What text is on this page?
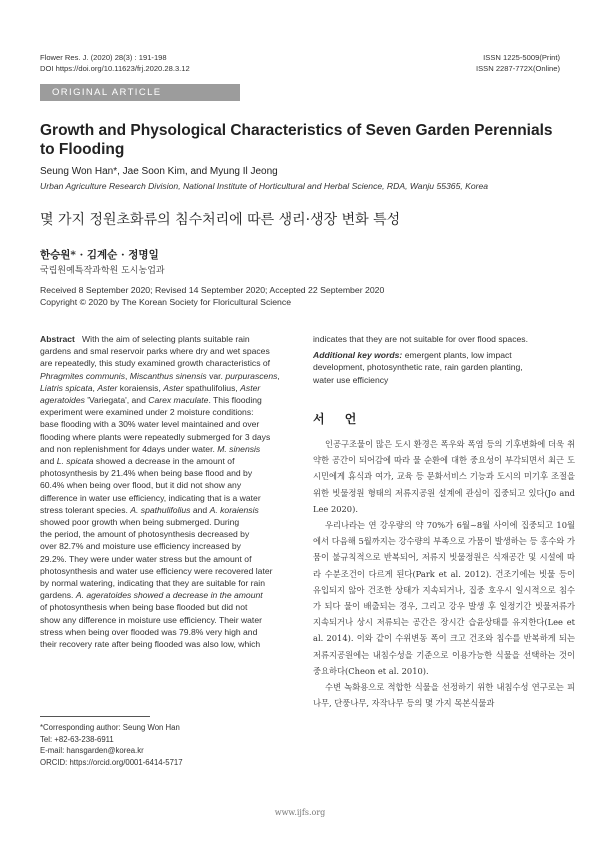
Flower Res. J. (2020) 28(3) : 191-198
DOI https://doi.org/10.11623/frj.2020.28.3.12
ISSN 1225-5009(Print)
ISSN 2287-772X(Online)
ORIGINAL ARTICLE
Growth and Physological Characteristics of Seven Garden Perennials
to Flooding
Seung Won Han*, Jae Soon Kim, and Myung Il Jeong
Urban Agriculture Research Division, National Institute of Horticultural and Herbal Science, RDA, Wanju 55365, Korea
몇 가지 정원초화류의 침수처리에 따른 생리·생장 변화 특성
한승원* · 김계순 · 정명일
국립원예특작과학원 도시농업과
Received 8 September 2020; Revised 14 September 2020; Accepted 22 September 2020
Copyright © 2020 by The Korean Society for Floricultural Science

Abstract With the aim of selecting plants suitable rain

gardens and smal reservoir parks where dry and wet spaces

are repeatedly, this study examined growth characteristics of

Phragmites communis, Miscanthus sinensis var. purpurascens,

Liatris spicata, Aster koraiensis, Aster spathulifolius, Aster

ageratoides 'Variegata', and Carex maculate. This flooding

experiment were examined under 2 moisture conditions:

base flooding with a 30% water level maintained and over

flooding where plants were repeatedly submerged for 3 days

and non replenishment for 4days under water. M. sinensis

and L. spicata showed a decrease in the amount of

photosynthesis by 21.4% when being base flood and by

60.4% when being over flood, but it did not show any

difference in water use efficiency, indicating that is a water

stress tolerant species. A. spathulifolius and A. koraiensis

showed poor growth when being submerged. During

the period, the amount of photosynthesis decreased by

over 82.7% and moisture use efficiency increased by

29.2%. They were under water stress but the amount of

photosynthesis and water use efficiency were recovered later

by normal watering, indicating that they are suitable for rain

gardens. A. ageratoides showed a decrease in the amount

of photosynthesis when being base flooded but did not

show any difference in moisture use efficiency. Their water

stress when being over flooded was 79.8% very high and

their recovery rate after being flooded was also low, which

indicates that they are not suitable for over flood spaces.

Additional key words: emergent plants, low impact

development, photosynthetic rate, rain garden planting,

water use efficiency

서 언

인공구조물이 많은 도시 환경은 폭우와 폭염 등의 기후변화에 더욱 취약한 공간이 되어감에 따라 물 순환에 대한 중요성이 부각되면서 최근 도시민에게 휴식과 여가, 교육 등 문화서비스 기능과 도시의 미기후 조절을 위한 빗물정원 형태의 저류지공원 설계에 관심이 집중되고 있다(Jo and Lee 2020).

우리나라는 연 강우량의 약 70%가 6월~8월 사이에 집중되고 10월에서 다음해 5월까지는 강수량의 부족으로 가뭄이 발생하는 등 홍수와 가뭄이 불규칙적으로 반복되어, 저류지 빗물정원은 식재공간 및 시설에 따라 수분조건이 다르게 된다(Park et al. 2012). 건조기에는 빗물 등이 유입되지 않아 건조한 상태가 지속되거나, 집중 호우시 일시적으로 침수가 되다 물이 배출되는 경우, 그리고 강우 발생 후 일정기간 빗물저류가 지속되거나 상시 저류되는 공간은 장시간 습윤상태를 유지한다(Lee et al. 2014). 이와 같이 수위변동 폭이 크고 건조와 침수를 반복하게 되는 저류지공원에는 내침수성을 기준으로 이용가능한 식물을 선택하는 것이 중요하다(Cheon et al. 2010).

수변 녹화용으로 적합한 식물을 선정하기 위한 내침수성 연구로는 피나무, 단풍나무, 자작나무 등의 몇 가지 목본식물과

*Corresponding author: Seung Won Han
Tel: +82-63-238-6911
E-mail: hansgarden@korea.kr
ORCID: https://orcid.org/0001-6414-5717
www.ijfs.org
